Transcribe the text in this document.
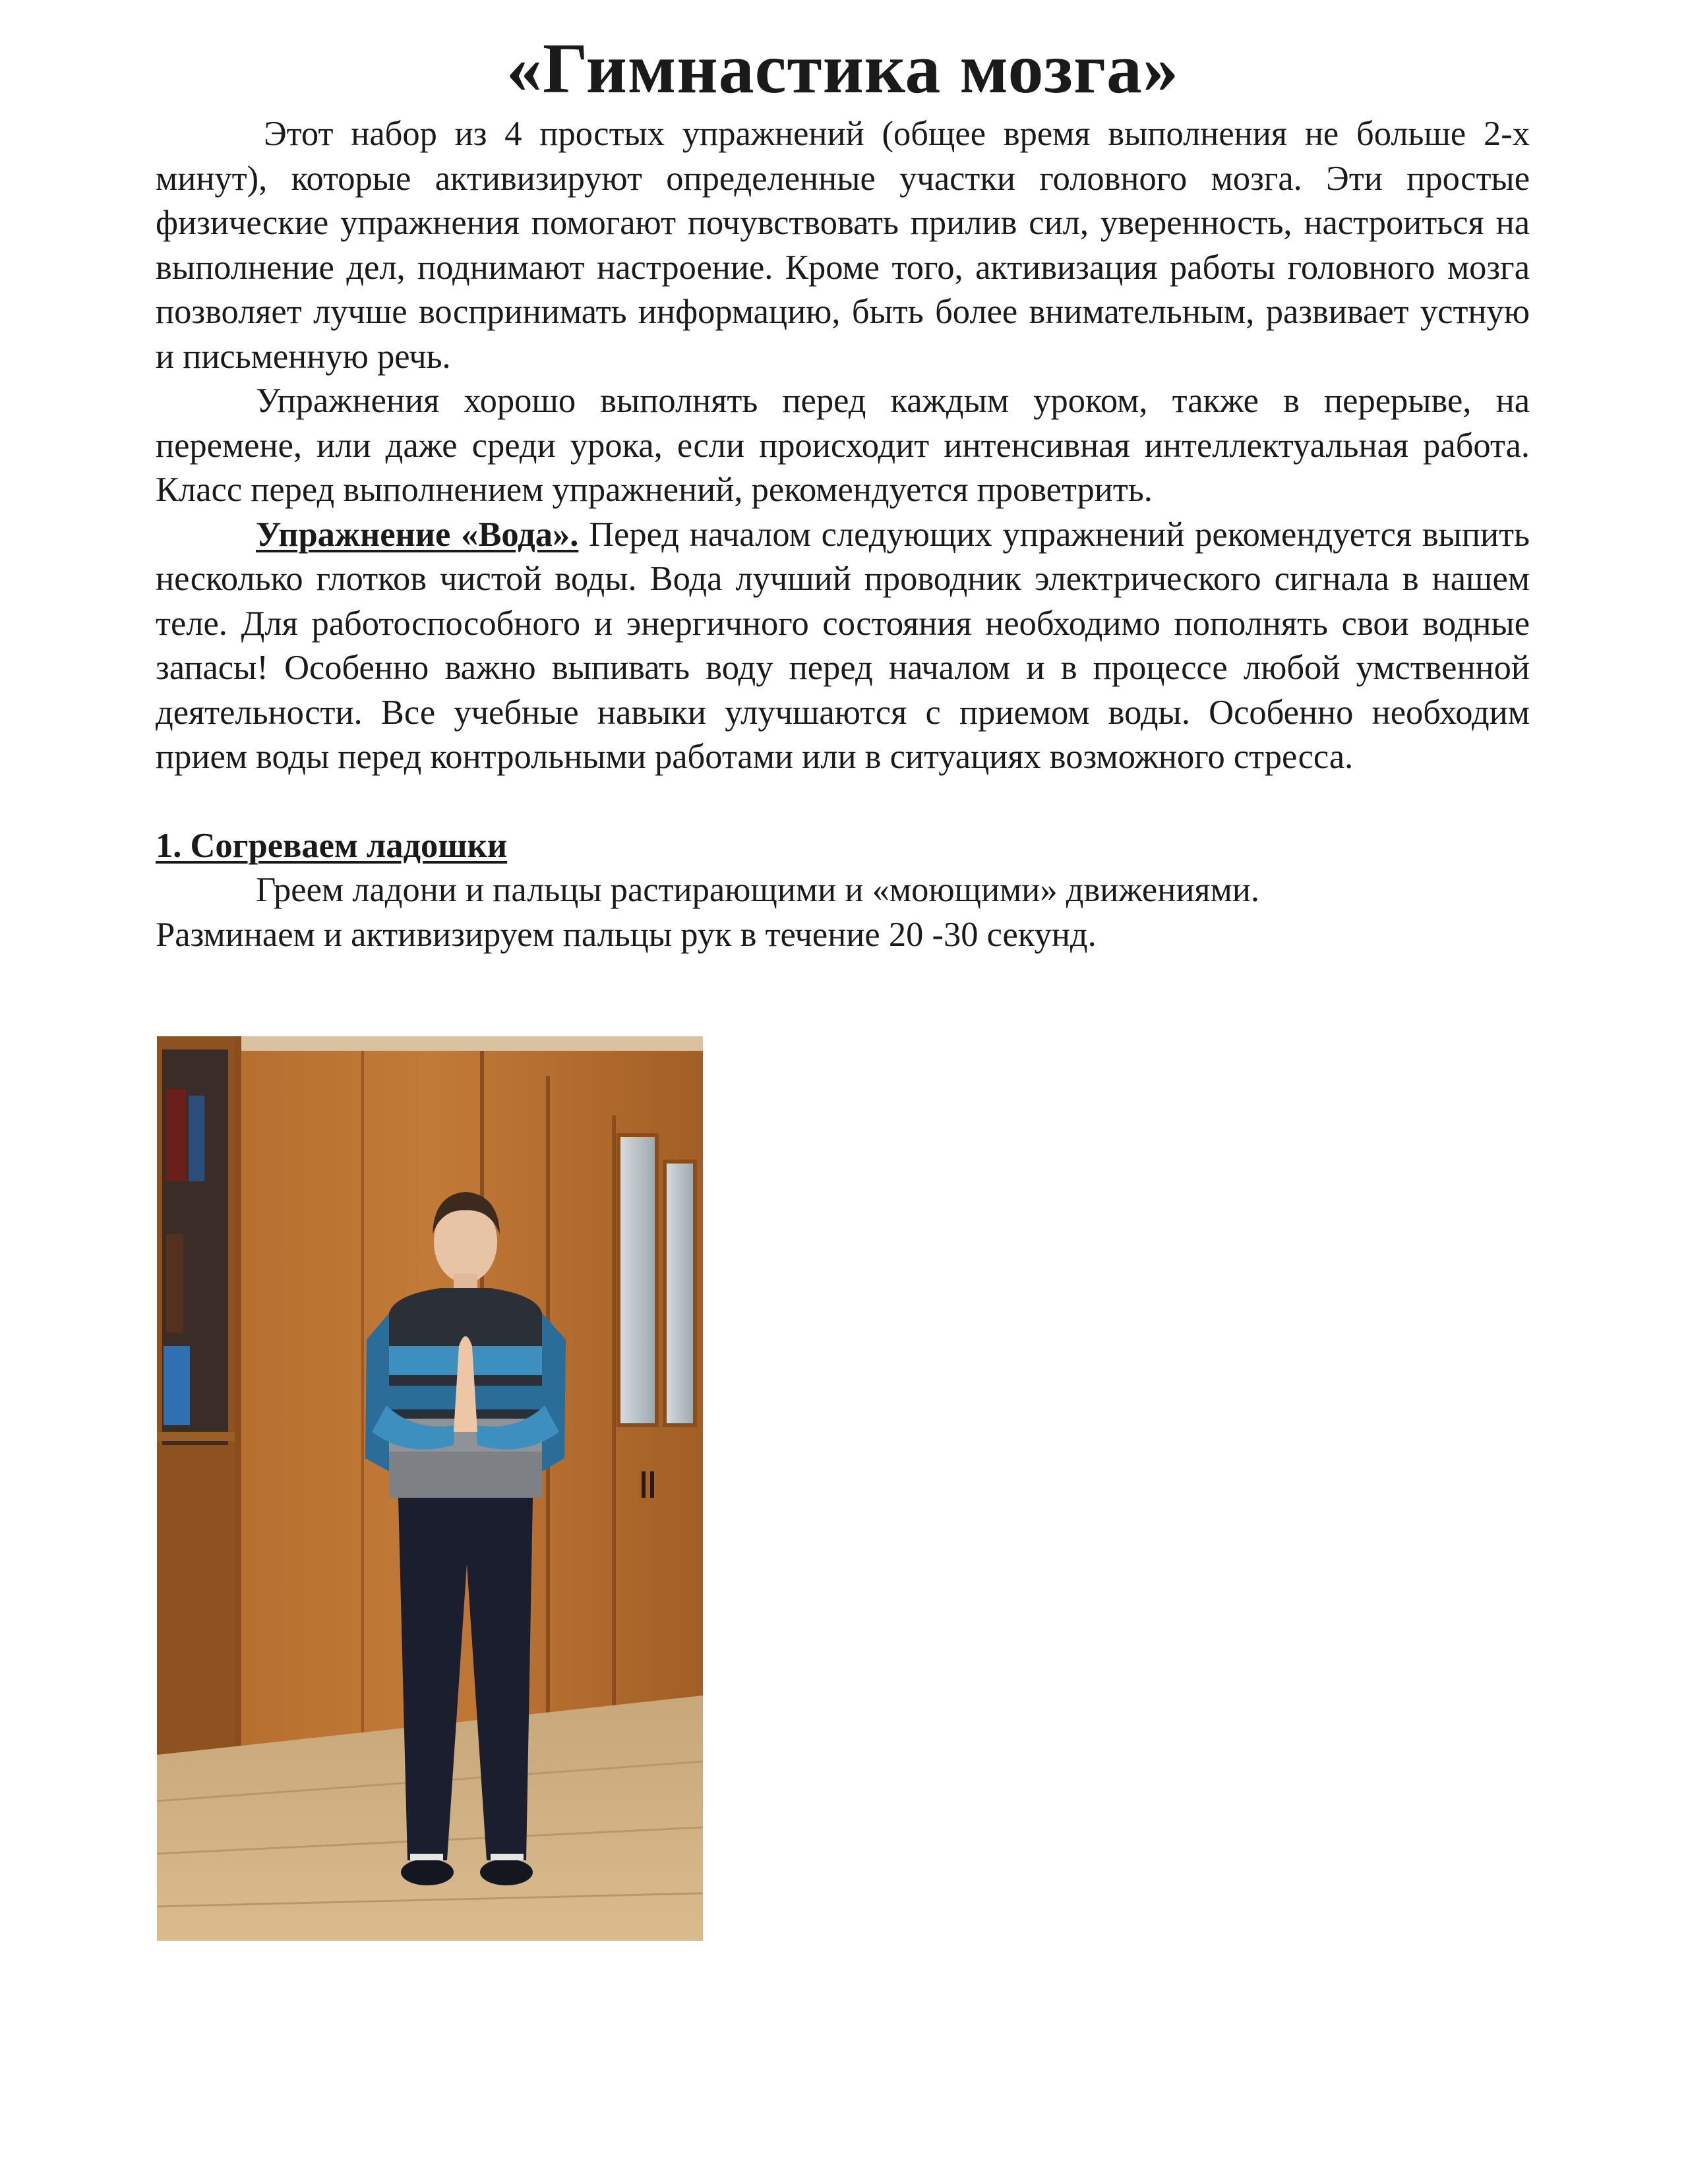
«Гимнастика мозга»

Этот набор из 4 простых упражнений (общее время выполнения не больше 2-х минут), которые активизируют определенные участки головного мозга. Эти простые физические упражнения помогают почувствовать прилив сил, уверенность, настроиться на выполнение дел, поднимают настроение. Кроме того, активизация работы головного мозга позволяет лучше воспринимать информацию, быть более внимательным, развивает устную и письменную речь.

Упражнения хорошо выполнять перед каждым уроком, также в перерыве, на перемене, или даже среди урока, если происходит интенсивная интеллектуальная работа. Класс перед выполнением упражнений, рекомендуется проветрить.

Упражнение «Вода». Перед началом следующих упражнений рекомендуется выпить несколько глотков чистой воды. Вода лучший проводник электрического сигнала в нашем теле. Для работоспособного и энергичного состояния необходимо пополнять свои водные запасы! Особенно важно выпивать воду перед началом и в процессе любой умственной деятельности. Все учебные навыки улучшаются с приемом воды. Особенно необходим прием воды перед контрольными работами или в ситуациях возможного стресса.

1. Согреваем ладошки

Греем ладони и пальцы растирающими и «моющими» движениями.

Разминаем и активизируем пальцы рук в течение 20 -30 секунд.
